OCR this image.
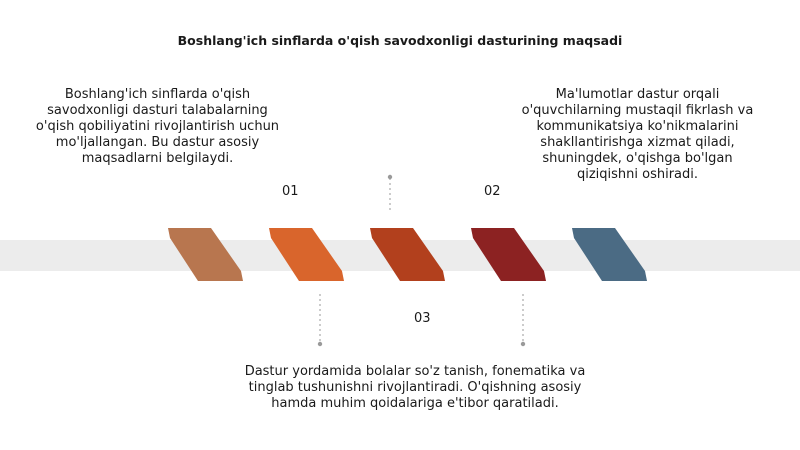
Boshlang'ich sinflarda o'qish savodxonligi dasturining maqsadi
Boshlang'ich sinflarda o'qish savodxonligi dasturi talabalarning o'qish qobiliyatini rivojlantirish uchun mo'ljallangan. Bu dastur asosiy maqsadlarni belgilaydi.
01
Ma'lumotlar dastur orqali o'quvchilarning mustaqil fikrlash va kommunikatsiya ko'nikmalarini shakllantirishga xizmat qiladi, shuningdek, o'qishga bo'lgan qiziqishni oshiradi.
02
03
Dastur yordamida bolalar so'z tanish, fonematika va tinglab tushunishni rivojlantiradi. O'qishning asosiy hamda muhim qoidalariga e'tibor qaratiladi.
